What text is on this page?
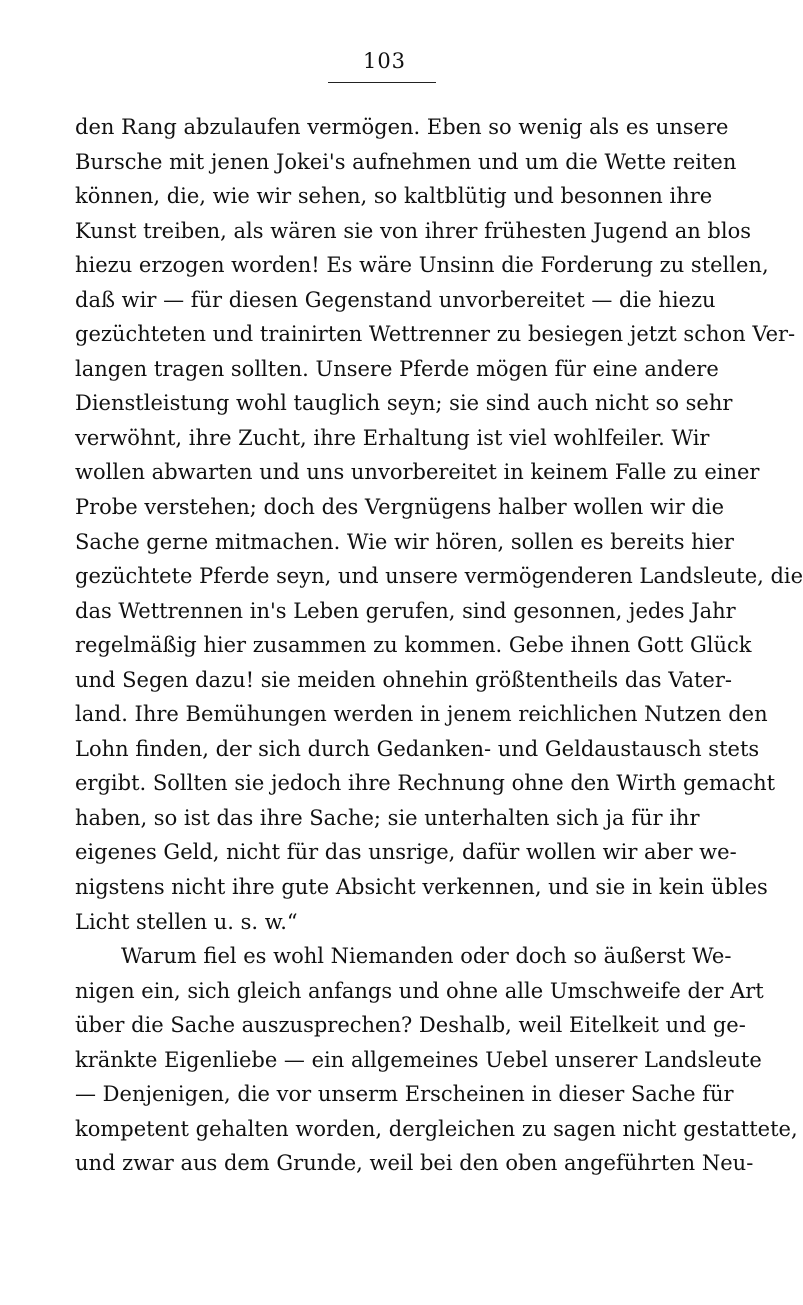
103
den Rang abzulaufen vermögen. Eben so wenig als es unsere
Bursche mit jenen Jokei's aufnehmen und um die Wette reiten
können, die, wie wir sehen, so kaltblütig und besonnen ihre
Kunst treiben, als wären sie von ihrer frühesten Jugend an blos
hiezu erzogen worden! Es wäre Unsinn die Forderung zu stellen,
daß wir — für diesen Gegenstand unvorbereitet — die hiezu
gezüchteten und trainirten Wettrenner zu besiegen jetzt schon Ver-
langen tragen sollten. Unsere Pferde mögen für eine andere
Dienstleistung wohl tauglich seyn; sie sind auch nicht so sehr
verwöhnt, ihre Zucht, ihre Erhaltung ist viel wohlfeiler. Wir
wollen abwarten und uns unvorbereitet in keinem Falle zu einer
Probe verstehen; doch des Vergnügens halber wollen wir die
Sache gerne mitmachen. Wie wir hören, sollen es bereits hier
gezüchtete Pferde seyn, und unsere vermögenderen Landsleute, die
das Wettrennen in's Leben gerufen, sind gesonnen, jedes Jahr
regelmäßig hier zusammen zu kommen. Gebe ihnen Gott Glück
und Segen dazu! sie meiden ohnehin größtentheils das Vater-
land. Ihre Bemühungen werden in jenem reichlichen Nutzen den
Lohn finden, der sich durch Gedanken- und Geldaustausch stets
ergibt. Sollten sie jedoch ihre Rechnung ohne den Wirth gemacht
haben, so ist das ihre Sache; sie unterhalten sich ja für ihr
eigenes Geld, nicht für das unsrige, dafür wollen wir aber we-
nigstens nicht ihre gute Absicht verkennen, und sie in kein übles
Licht stellen u. s. w.“
Warum fiel es wohl Niemanden oder doch so äußerst We-
nigen ein, sich gleich anfangs und ohne alle Umschweife der Art
über die Sache auszusprechen? Deshalb, weil Eitelkeit und ge-
kränkte Eigenliebe — ein allgemeines Uebel unserer Landsleute
— Denjenigen, die vor unserm Erscheinen in dieser Sache für
kompetent gehalten worden, dergleichen zu sagen nicht gestattete,
und zwar aus dem Grunde, weil bei den oben angeführten Neu-
